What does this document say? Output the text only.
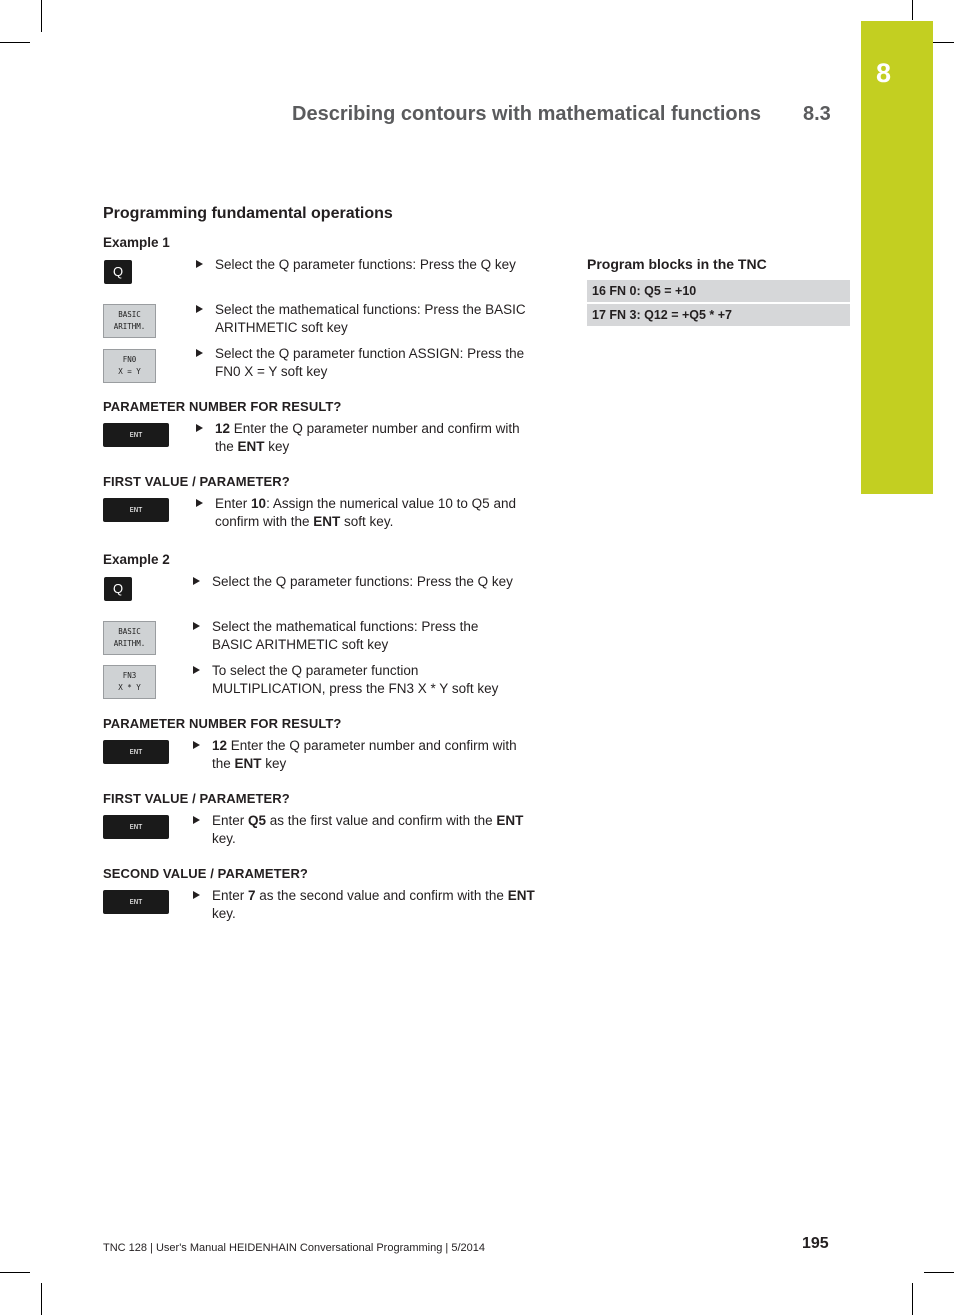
8
Describing contours with mathematical functions 8.3
Programming fundamental operations
Example 1
Q	Select the Q parameter functions: Press the Q key
BASIC
ARITHM.
Select the mathematical functions: Press the BASIC ARITHMETIC soft key
FN0
X = Y
Select the Q parameter function ASSIGN: Press the FN0 X = Y soft key
PARAMETER NUMBER FOR RESULT?
ENT	12 Enter the Q parameter number and confirm with the ENT key
FIRST VALUE / PARAMETER?
ENT	Enter 10: Assign the numerical value 10 to Q5 and confirm with the ENT soft key.
Example 2
Q	Select the Q parameter functions: Press the Q key
BASIC
ARITHM.
Select the mathematical functions: Press the BASIC ARITHMETIC soft key
FN3
X * Y
To select the Q parameter function MULTIPLICATION, press the FN3 X * Y soft key
PARAMETER NUMBER FOR RESULT?
ENT	12 Enter the Q parameter number and confirm with the ENT key
FIRST VALUE / PARAMETER?
ENT	Enter Q5 as the first value and confirm with the ENT key.
SECOND VALUE / PARAMETER?
ENT	Enter 7 as the second value and confirm with the ENT key.
Program blocks in the TNC
16 FN 0: Q5 = +10
17 FN 3: Q12 = +Q5 * +7
TNC 128 | User's Manual HEIDENHAIN Conversational Programming | 5/2014	195
